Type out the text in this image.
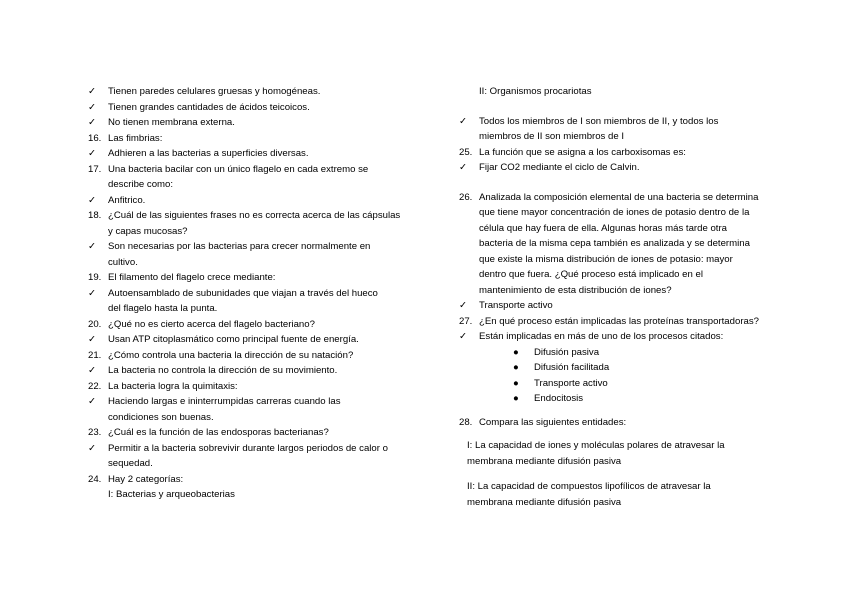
✓ Tienen paredes celulares gruesas y homogéneas.
✓ Tienen grandes cantidades de ácidos teicoicos.
✓ No tienen membrana externa.
16. Las fimbrias:
✓ Adhieren a las bacterias a superficies diversas.
17. Una bacteria bacilar con un único flagelo en cada extremo se
describe como:
✓ Anfitrico.
18. ¿Cuál de las siguientes frases no es correcta acerca de las cápsulas
y capas mucosas?
✓ Son necesarias por las bacterias para crecer normalmente en
cultivo.
19. El filamento del flagelo crece mediante:
✓ Autoensamblado de subunidades que viajan a través del hueco
del flagelo hasta la punta.
20. ¿Qué no es cierto acerca del flagelo bacteriano?
✓ Usan ATP citoplasmático como principal fuente de energía.
21. ¿Cómo controla una bacteria la dirección de su natación?
✓ La bacteria no controla la dirección de su movimiento.
22. La bacteria logra la quimitaxis:
✓ Haciendo largas e ininterrumpidas carreras cuando las
condiciones son buenas.
23. ¿Cuál es la función de las endosporas bacterianas?
✓ Permitir a la bacteria sobrevivir durante largos periodos de calor o
sequedad.
24. Hay 2 categorías:
I: Bacterias y arqueobacterias
II: Organismos procariotas
✓ Todos los miembros de I son miembros de II, y todos los
miembros de II son miembros de I
25. La función que se asigna a los carboxisomas es:
✓ Fijar CO2 mediante el ciclo de Calvin.
26. Analizada la composición elemental de una bacteria se determina
que tiene mayor concentración de iones de potasio dentro de la
célula que hay fuera de ella. Algunas horas más tarde otra
bacteria de la misma cepa también es analizada y se determina
que existe la misma distribución de iones de potasio: mayor
dentro que fuera. ¿Qué proceso está implicado en el
mantenimiento de esta distribución de iones?
✓ Transporte activo
27. ¿En qué proceso están implicadas las proteínas transportadoras?
✓ Están implicadas en más de uno de los procesos citados:
● Difusión pasiva
● Difusión facilitada
● Transporte activo
● Endocitosis
28. Compara las siguientes entidades:
I: La capacidad de iones y moléculas polares de atravesar la
membrana mediante difusión pasiva
II: La capacidad de compuestos lipofílicos de atravesar la
membrana mediante difusión pasiva
